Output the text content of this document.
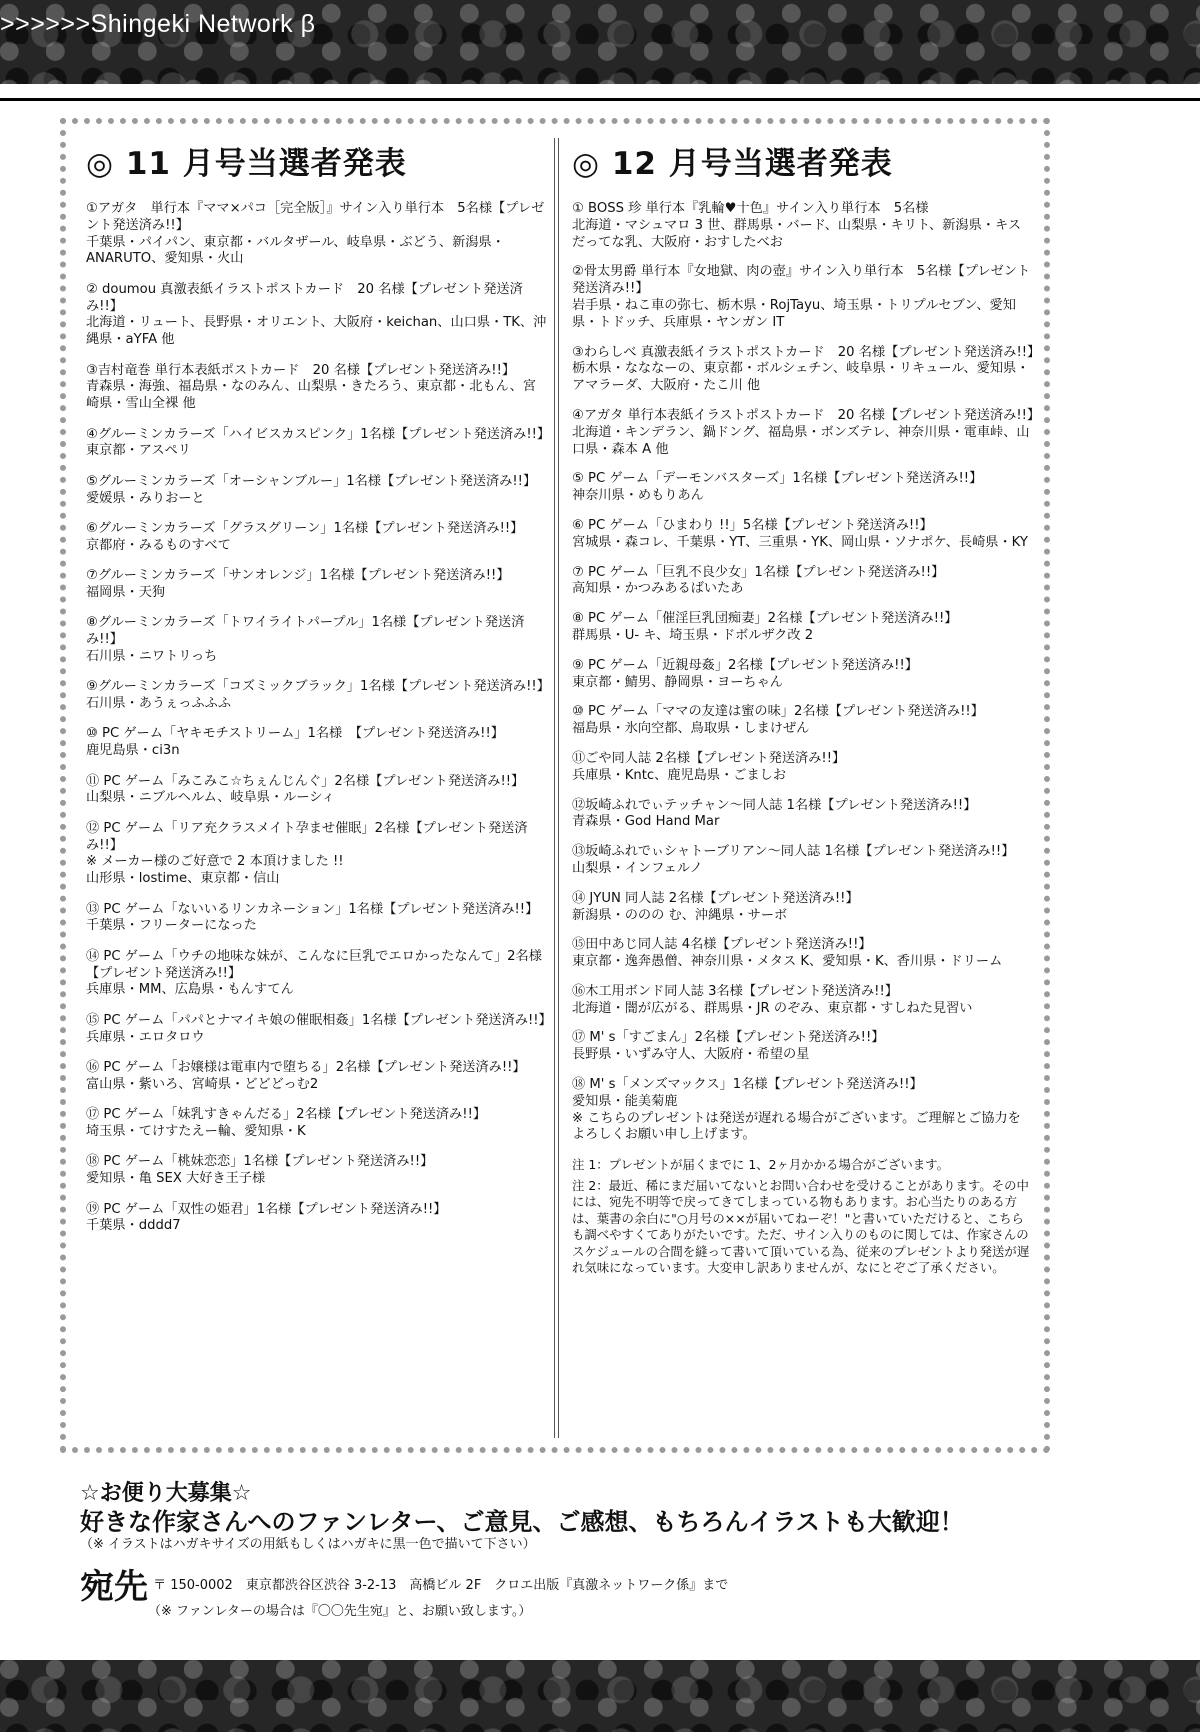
>>>>>>Shingeki Network β
◎ 11 月号当選者発表
①アガタ　単行本『ママ×パコ［完全版］』サイン入り単行本　5名様【プレゼント発送済み!!】
千葉県・パイパン、東京都・バルタザール、岐阜県・ぶどう、新潟県・ANARUTO、愛知県・火山
② doumou 真激表紙イラストポストカード　20 名様【プレゼント発送済み!!】
北海道・リュート、長野県・オリエント、大阪府・keichan、山口県・TK、沖縄県・aYFA 他
③吉村竜巻 単行本表紙ポストカード　20 名様【プレゼント発送済み!!】
青森県・海強、福島県・なのみん、山梨県・きたろう、東京都・北もん、宮崎県・雪山全裸 他
④グルーミンカラーズ「ハイビスカスピンク」1名様【プレゼント発送済み!!】
東京都・アスペリ
⑤グルーミンカラーズ「オーシャンブルー」1名様【プレゼント発送済み!!】
愛媛県・みりおーと
⑥グルーミンカラーズ「グラスグリーン」1名様【プレゼント発送済み!!】
京都府・みるものすべて
⑦グルーミンカラーズ「サンオレンジ」1名様【プレゼント発送済み!!】
福岡県・天狗
⑧グルーミンカラーズ「トワイライトパープル」1名様【プレゼント発送済み!!】
石川県・ニワトリっち
⑨グルーミンカラーズ「コズミックブラック」1名様【プレゼント発送済み!!】
石川県・あうぇっふふふ
⑩ PC ゲーム「ヤキモチストリーム」1名様　【プレゼント発送済み!!】
鹿児島県・ci3n
⑪ PC ゲーム「みこみこ☆ちぇんじんぐ」2名様【プレゼント発送済み!!】
山梨県・ニブルヘルム、岐阜県・ルーシィ
⑫ PC ゲーム「リア充クラスメイト孕ませ催眠」2名様【プレゼント発送済み!!】
※ メーカー様のご好意で 2 本頂けました !!
山形県・lostime、東京都・信山
⑬ PC ゲーム「ないいるリンカネーション」1名様【プレゼント発送済み!!】
千葉県・フリーターになった
⑭ PC ゲーム「ウチの地味な妹が、こんなに巨乳でエロかったなんて」2名様【プレゼント発送済み!!】
兵庫県・MM、広島県・もんすてん
⑮ PC ゲーム「パパとナマイキ娘の催眠相姦」1名様【プレゼント発送済み!!】
兵庫県・エロタロウ
⑯ PC ゲーム「お嬢様は電車内で堕ちる」2名様【プレゼント発送済み!!】
富山県・紫いろ、宮崎県・どどどっむ2
⑰ PC ゲーム「妹乳すきゃんだる」2名様【プレゼント発送済み!!】
埼玉県・てけすたえー輪、愛知県・K
⑱ PC ゲーム「桃妹恋恋」1名様【プレゼント発送済み!!】
愛知県・亀 SEX 大好き王子様
⑲ PC ゲーム「双性の姫君」1名様【プレゼント発送済み!!】
千葉県・dddd7
◎ 12 月号当選者発表
① BOSS 珍 単行本『乳輪♥十色』サイン入り単行本　5名様
北海道・マシュマロ 3 世、群馬県・バード、山梨県・キリト、新潟県・キスだってな乳、大阪府・おすしたべお
②骨太男爵 単行本『女地獄、肉の壺』サイン入り単行本　5名様【プレゼント発送済み!!】
岩手県・ねこ車の弥七、栃木県・RojTayu、埼玉県・トリプルセブン、愛知県・トドッチ、兵庫県・ヤンガン IT
③わらしべ 真激表紙イラストポストカード　20 名様【プレゼント発送済み!!】
栃木県・なななーの、東京都・ボルシェチン、岐阜県・リキュール、愛知県・アマラーダ、大阪府・たこ川 他
④アガタ 単行本表紙イラストポストカード　20 名様【プレゼント発送済み!!】
北海道・キンデラン、鍋ドング、福島県・ボンズテレ、神奈川県・電車峠、山口県・森本 A 他
⑤ PC ゲーム「デーモンバスターズ」1名様【プレゼント発送済み!!】
神奈川県・めもりあん
⑥ PC ゲーム「ひまわり !!」5名様【プレゼント発送済み!!】
宮城県・森コレ、千葉県・YT、三重県・YK、岡山県・ソナポケ、長崎県・KY
⑦ PC ゲーム「巨乳不良少女」1名様【プレゼント発送済み!!】
高知県・かつみあるばいたあ
⑧ PC ゲーム「催淫巨乳団痴妻」2名様【プレゼント発送済み!!】
群馬県・U- キ、埼玉県・ドボルザク改 2
⑨ PC ゲーム「近親母姦」2名様【プレゼント発送済み!!】
東京都・鯖男、静岡県・ヨーちゃん
⑩ PC ゲーム「ママの友達は蜜の味」2名様【プレゼント発送済み!!】
福島県・氷向空都、鳥取県・しまけぜん
⑪ごや同人誌 2名様【プレゼント発送済み!!】
兵庫県・Kntc、鹿児島県・ごましお
⑫坂崎ふれでぃテッチャン～同人誌 1名様【プレゼント発送済み!!】
青森県・God Hand Mar
⑬坂崎ふれでぃシャトーブリアン～同人誌 1名様【プレゼント発送済み!!】
山梨県・インフェルノ
⑭ JYUN 同人誌 2名様【プレゼント発送済み!!】
新潟県・ののの む、沖縄県・サーボ
⑮田中あじ同人誌 4名様【プレゼント発送済み!!】
東京都・逸奔愚僧、神奈川県・メタス K、愛知県・K、香川県・ドリーム
⑯木工用ボンド同人誌 3名様【プレゼント発送済み!!】
北海道・闇が広がる、群馬県・JR のぞみ、東京都・すしねた見習い
⑰ M' s「すごまん」2名様【プレゼント発送済み!!】
長野県・いずみ守人、大阪府・希望の星
⑱ M' s「メンズマックス」1名様【プレゼント発送済み!!】
愛知県・能美菊鹿
※ こちらのプレゼントは発送が遅れる場合がございます。ご理解とご協力をよろしくお願い申し上げます。
注 1：プレゼントが届くまでに 1、2ヶ月かかる場合がございます。
注 2：最近、稀にまだ届いてないとお問い合わせを受けることがあります。その中には、宛先不明等で戻ってきてしまっている物もあります。お心当たりのある方は、葉書の余白に"○月号の××が届いてねーぞ！"と書いていただけると、こちらも調べやすくてありがたいです。ただ、サイン入りのものに関しては、作家さんのスケジュールの合間を縫って書いて頂いている為、従来のプレゼントより発送が遅れ気味になっています。大変申し訳ありませんが、なにとぞご了承ください。
☆お便り大募集☆
好きな作家さんへのファンレター、ご意見、ご感想、もちろんイラストも大歓迎！
（※ イラストはハガキサイズの用紙もしくはハガキに黒一色で描いて下さい）
宛先 〒 150-0002　東京都渋谷区渋谷 3-2-13　高橋ビル 2F　クロエ出版『真激ネットワーク係』まで
（※ ファンレターの場合は『〇〇先生宛』と、お願い致します。）
